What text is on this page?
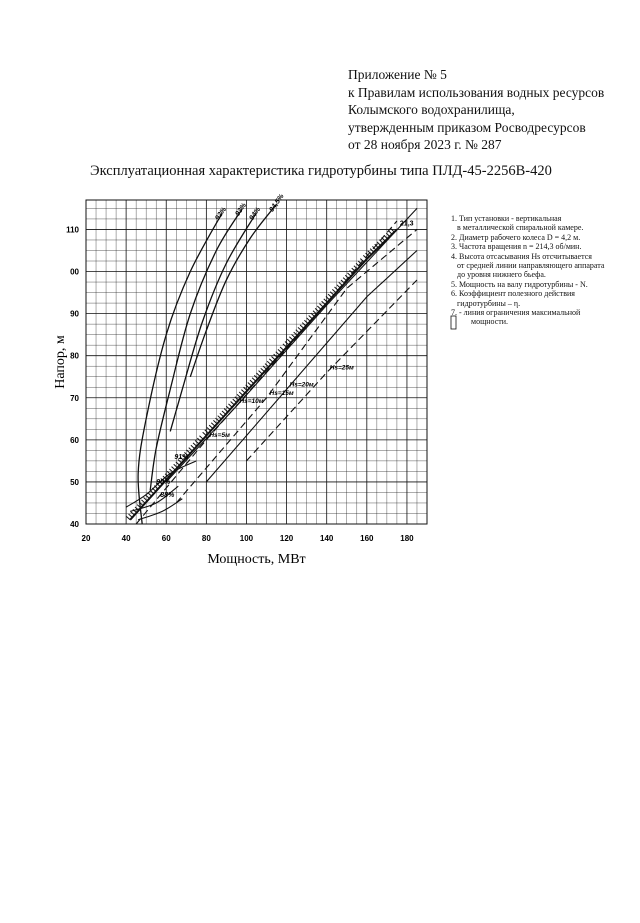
Приложение № 5
к Правилам использования водных ресурсов
Колымского водохранилища,
утвержденным приказом Росводресурсов
от 28 ноября 2023 г. № 287
Эксплуатационная характеристика гидротурбины типа ПЛД-45-2256В-420
1. Тип установки - вертикальная
в металлической спиральной камере.
2. Диаметр рабочего колеса D = 4,2 м.
3. Частота вращения n = 214,3 об/мин.
4. Высота отсасывания Hs отсчитывается
от средней линии направляющего аппарата
до уровня нижнего бьефа.
5. Мощность на валу гидротурбины - N.
6. Коэффициент полезного действия
гидротурбины – η.
7. - линия ограничения максимальной
мощности.
20	40	60	80	100	120	140	160	180
40
50
60
70
80
90
00
110
Мощность, МВт
Напор, м
92% 93% 94%
94,5%
91%
90%
88%
Hs=5м
Hs=10м
Hs=15м
Hs=20м
Hs=25м
21,3
